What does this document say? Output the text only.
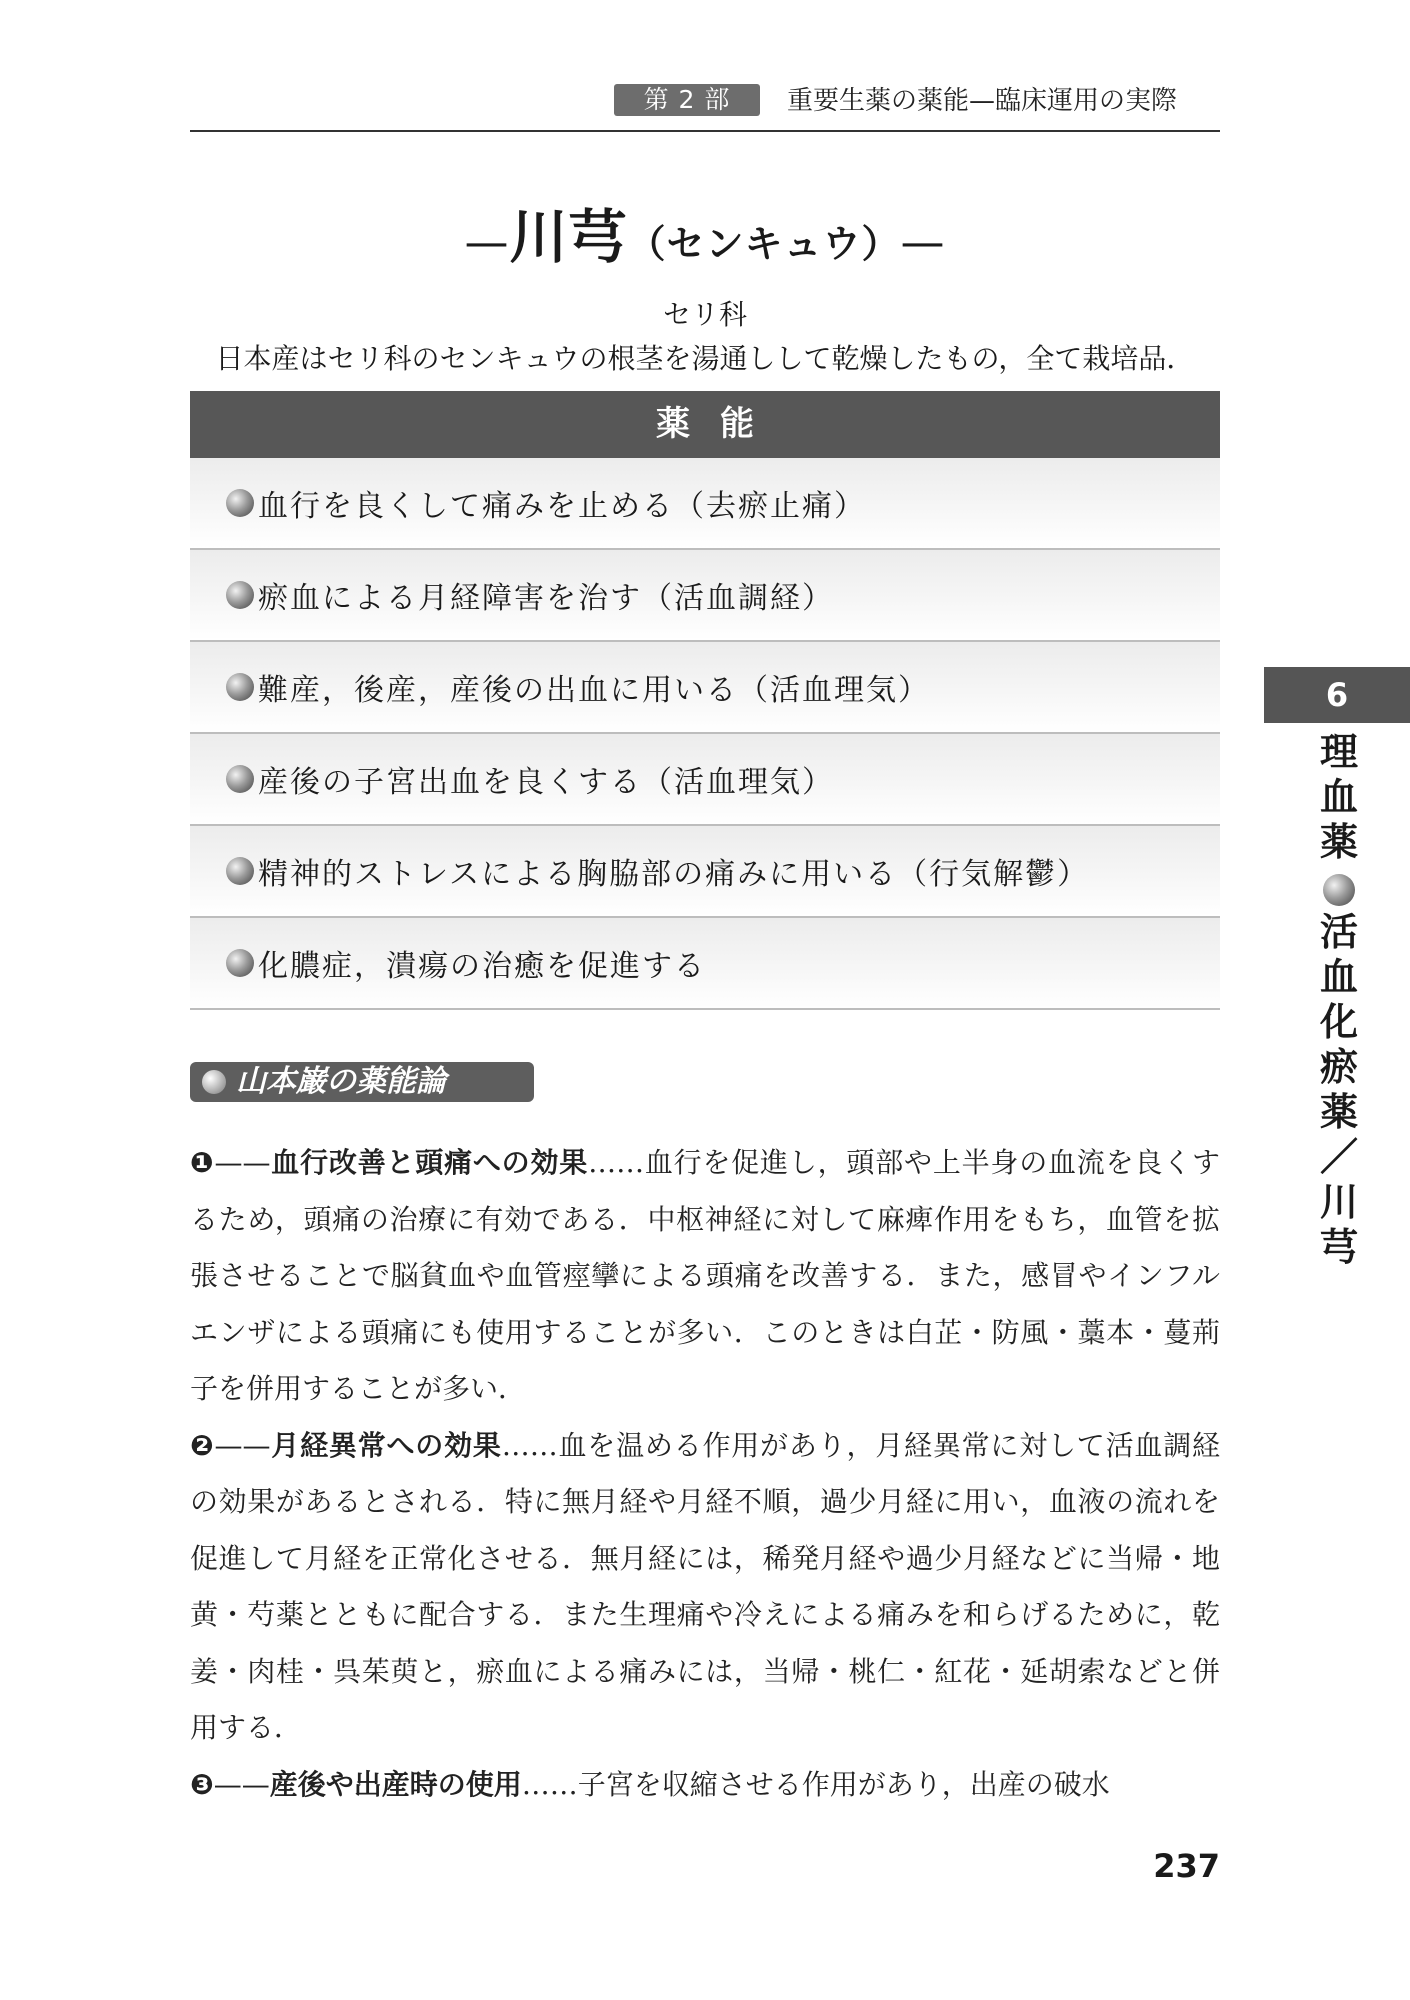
第 2 部	重要生薬の薬能—臨床運用の実際
—川芎（センキュウ）—
セリ科
日本産はセリ科のセンキュウの根茎を湯通しして乾燥したもの，全て栽培品．
薬能
血行を良くして痛みを止める（去瘀止痛）
瘀血による月経障害を治す（活血調経）
難産，後産，産後の出血に用いる（活血理気）
産後の子宮出血を良くする（活血理気）
精神的ストレスによる胸脇部の痛みに用いる（行気解鬱）
化膿症，潰瘍の治癒を促進する
山本巌の薬能論

❶——血行改善と頭痛への効果……血行を促進し，頭部や上半身の血流を良くするため，頭痛の治療に有効である．中枢神経に対して麻痺作用をもち，血管を拡張させることで脳貧血や血管痙攣による頭痛を改善する．また，感冒やインフルエンザによる頭痛にも使用することが多い．このときは白芷・防風・藁本・蔓荊子を併用することが多い．

❷——月経異常への効果……血を温める作用があり，月経異常に対して活血調経の効果があるとされる．特に無月経や月経不順，過少月経に用い，血液の流れを促進して月経を正常化させる．無月経には，稀発月経や過少月経などに当帰・地黄・芍薬とともに配合する．また生理痛や冷えによる痛みを和らげるために，乾姜・肉桂・呉茱萸と，瘀血による痛みには，当帰・桃仁・紅花・延胡索などと併用する．

❸——産後や出産時の使用……子宮を収縮させる作用があり，出産の破水

6
理血薬活血化瘀薬／川芎
237
